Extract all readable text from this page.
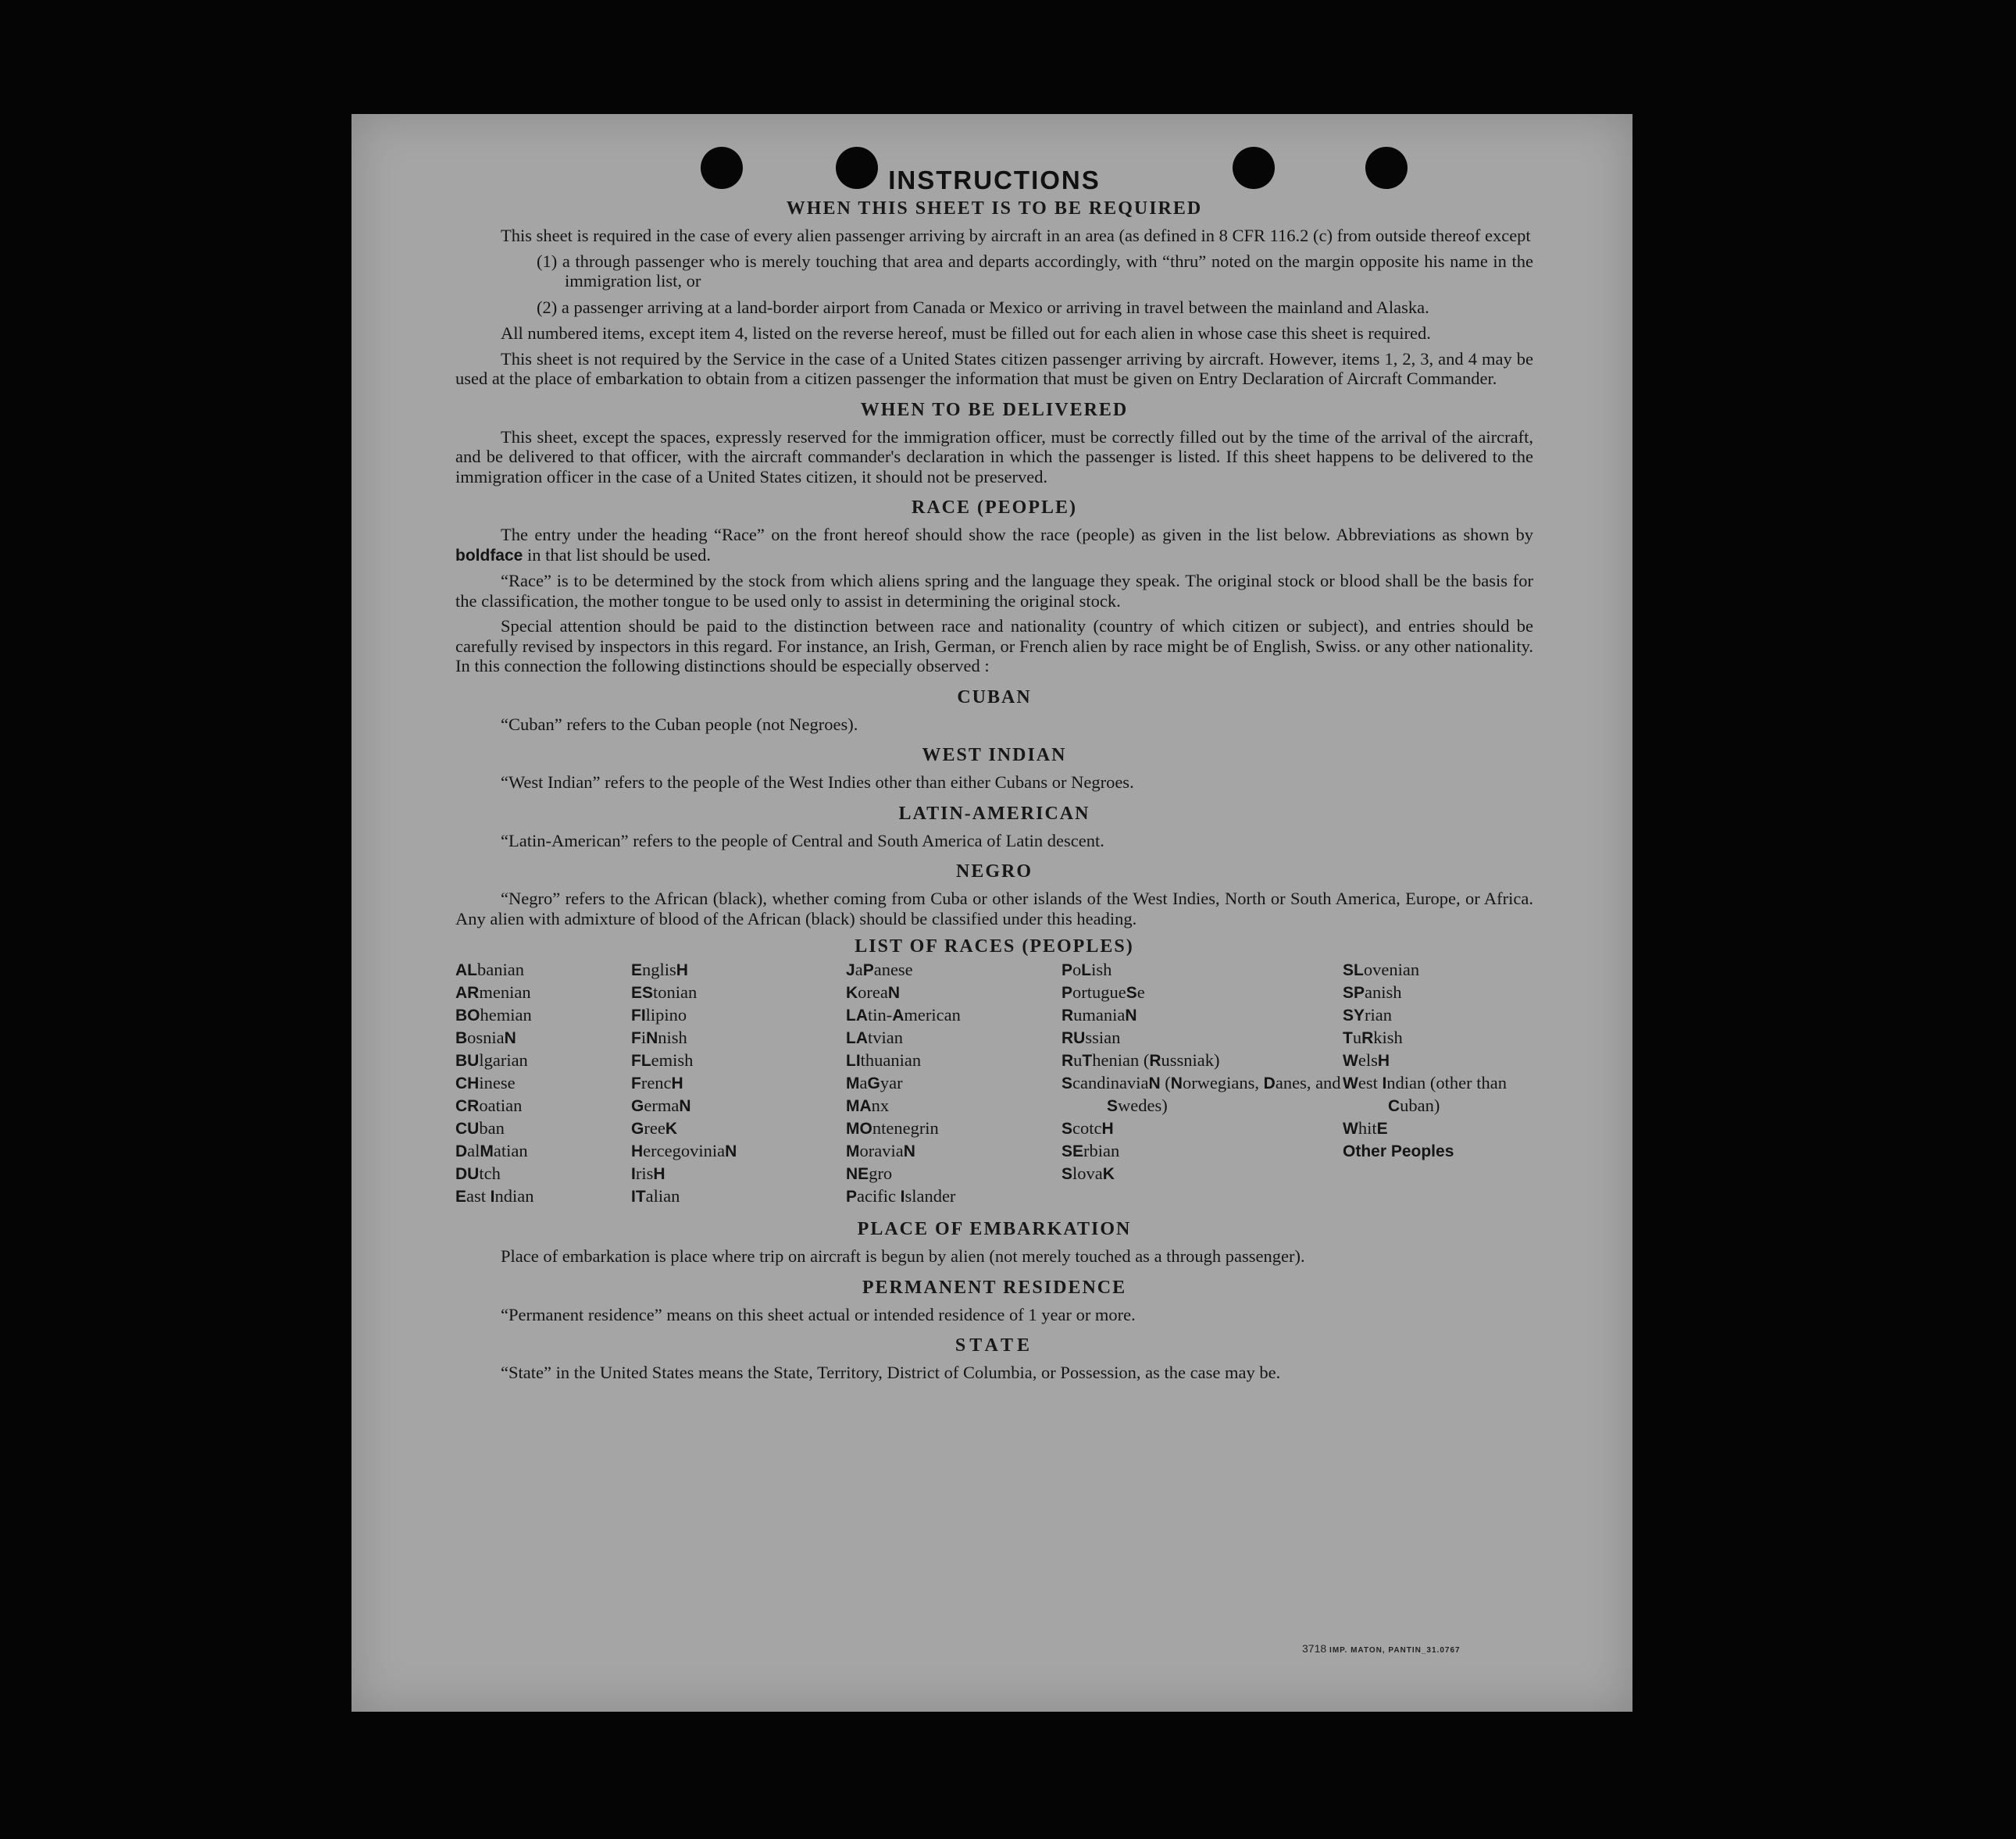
INSTRUCTIONS
WHEN THIS SHEET IS TO BE REQUIRED

This sheet is required in the case of every alien passenger arriving by aircraft in an area (as defined in 8 CFR 116.2 (c) from outside thereof except

(1) a through passenger who is merely touching that area and departs accordingly, with “thru” noted on the margin opposite his name in the immigration list, or
(2) a passenger arriving at a land-border airport from Canada or Mexico or arriving in travel between the mainland and Alaska.

All numbered items, except item 4, listed on the reverse hereof, must be filled out for each alien in whose case this sheet is required.

This sheet is not required by the Service in the case of a United States citizen passenger arriving by aircraft. However, items 1, 2, 3, and 4 may be used at the place of embarkation to obtain from a citizen passenger the information that must be given on Entry Declaration of Aircraft Commander.

WHEN TO BE DELIVERED

This sheet, except the spaces, expressly reserved for the immigration officer, must be correctly filled out by the time of the arrival of the aircraft, and be delivered to that officer, with the aircraft commander's declaration in which the passenger is listed. If this sheet happens to be delivered to the immigration officer in the case of a United States citizen, it should not be preserved.

RACE (PEOPLE)

The entry under the heading “Race” on the front hereof should show the race (people) as given in the list below. Abbreviations as shown by boldface in that list should be used.

“Race” is to be determined by the stock from which aliens spring and the language they speak. The original stock or blood shall be the basis for the classification, the mother tongue to be used only to assist in determining the original stock.

Special attention should be paid to the distinction between race and nationality (country of which citizen or subject), and entries should be carefully revised by inspectors in this regard. For instance, an Irish, German, or French alien by race might be of English, Swiss. or any other nationality. In this connection the following distinctions should be especially observed :

CUBAN

“Cuban” refers to the Cuban people (not Negroes).

WEST INDIAN

“West Indian” refers to the people of the West Indies other than either Cubans or Negroes.

LATIN-AMERICAN

“Latin-American” refers to the people of Central and South America of Latin descent.

NEGRO

“Negro” refers to the African (black), whether coming from Cuba or other islands of the West Indies, North or South America, Europe, or Africa. Any alien with admixture of blood of the African (black) should be classified under this heading.

LIST OF RACES (PEOPLES)
ALbanian
ARmenian
BOhemian
BosniaN
BUlgarian
CHinese
CRoatian
CUban
DalMatian
DUtch
East Indian
EnglisH
EStonian
FIlipino
FiNnish
FLemish
FrencH
GermaN
GreeK
HercegoviniaN
IrisH
ITalian
JaPanese
KoreaN
LAtin-American
LAtvian
LIthuanian
MaGyar
MAnx
MOntenegrin
MoraviaN
NEgro
Pacific Islander
PoLish
PortugueSe
RumaniaN
RUssian
RuThenian (Russniak)
ScandinaviaN (Norwegians, Danes, and Swedes)
ScotcH
SErbian
SlovaK
SLovenian
SPanish
SYrian
TuRkish
WelsH
West Indian (other than Cuban)
WhitE
Other Peoples
PLACE OF EMBARKATION

Place of embarkation is place where trip on aircraft is begun by alien (not merely touched as a through passenger).

PERMANENT RESIDENCE

“Permanent residence” means on this sheet actual or intended residence of 1 year or more.

STATE

“State” in the United States means the State, Territory, District of Columbia, or Possession, as the case may be.

3718 IMP. MATON, PANTIN_31.0767
